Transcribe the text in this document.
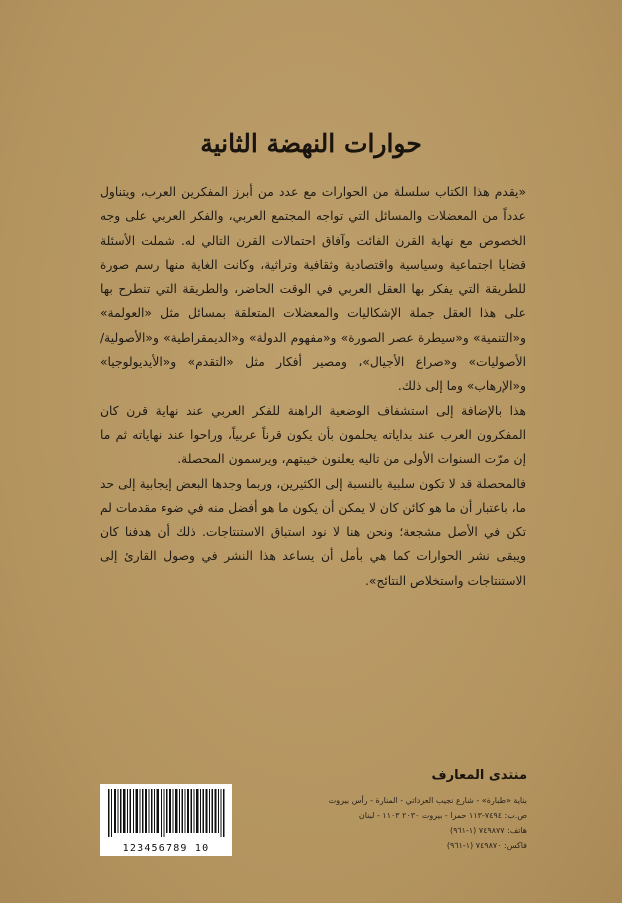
حوارات النهضة الثانية

«يقدم هذا الكتاب سلسلة من الحوارات مع عدد من أبرز المفكرين العرب، ويتناول عدداً من المعضلات والمسائل التي تواجه المجتمع العربي، والفكر العربي على وجه الخصوص مع نهاية القرن الفائت وآفاق احتمالات القرن التالي له. شملت الأسئلة قضايا اجتماعية وسياسية واقتصادية وثقافية وتراثية، وكانت الغاية منها رسم صورة للطريقة التي يفكر بها العقل العربي في الوقت الحاضر، والطريقة التي تنطرح بها على هذا العقل جملة الإشكاليات والمعضلات المتعلقة بمسائل مثل «العولمة» و«التنمية» و«سيطرة عصر الصورة» و«مفهوم الدولة» و«الديمقراطية» و«الأصولية/ الأصوليات» و«صراع الأجيال»، ومصير أفكار مثل «التقدم» و«الأيديولوجيا» و«الإرهاب» وما إلى ذلك.

هذا بالإضافة إلى استشفاف الوضعية الراهنة للفكر العربي عند نهاية قرن كان المفكرون العرب عند بداياته يحلمون بأن يكون قرناً عربياً، وراحوا عند نهاياته ثم ما إن مرّت السنوات الأولى من تاليه يعلنون خيبتهم، ويرسمون المحصلة.

فالمحصلة قد لا تكون سلبية بالنسبة إلى الكثيرين، وربما وجدها البعض إيجابية إلى حد ما، باعتبار أن ما هو كائن كان لا يمكن أن يكون ما هو أفضل منه في ضوء مقدمات لم تكن في الأصل مشجعة؛ ونحن هنا لا نود استباق الاستنتاجات. ذلك أن هدفنا كان ويبقى نشر الحوارات كما هي بأمل أن يساعد هذا النشر في وصول القارئ إلى الاستنتاجات واستخلاص النتائج».

منتدى المعارف
بناية «طبارة» - شارع نجيب العرداتي - المنارة - رأس بيروت
ص.ب: ٧٤٩٤-١١٣ حمرا - بيروت ٢٠٣٠ ١١٠٣ - لبنان
هاتف: ٧٤٩٨٧٧ (١-٩٦١)
فاكس: ٧٤٩٨٧٠ (١-٩٦١)
123456789 10
